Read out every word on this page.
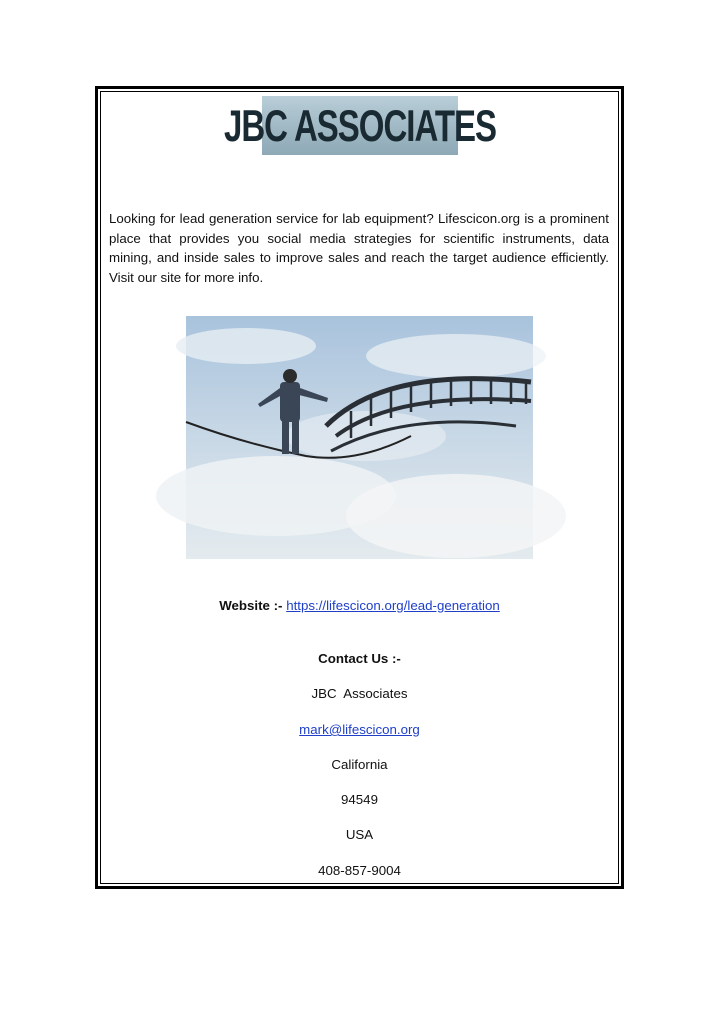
JBC ASSOCIATES

Looking for lead generation service for lab equipment? Lifescicon.org is a prominent place that provides you social media strategies for scientific instruments, data mining, and inside sales to improve sales and reach the target audience efficiently. Visit our site for more info.

Website :- https://lifescicon.org/lead-generation

Contact Us :-

JBC  Associates

mark@lifescicon.org

California

94549

USA

408-857-9004
